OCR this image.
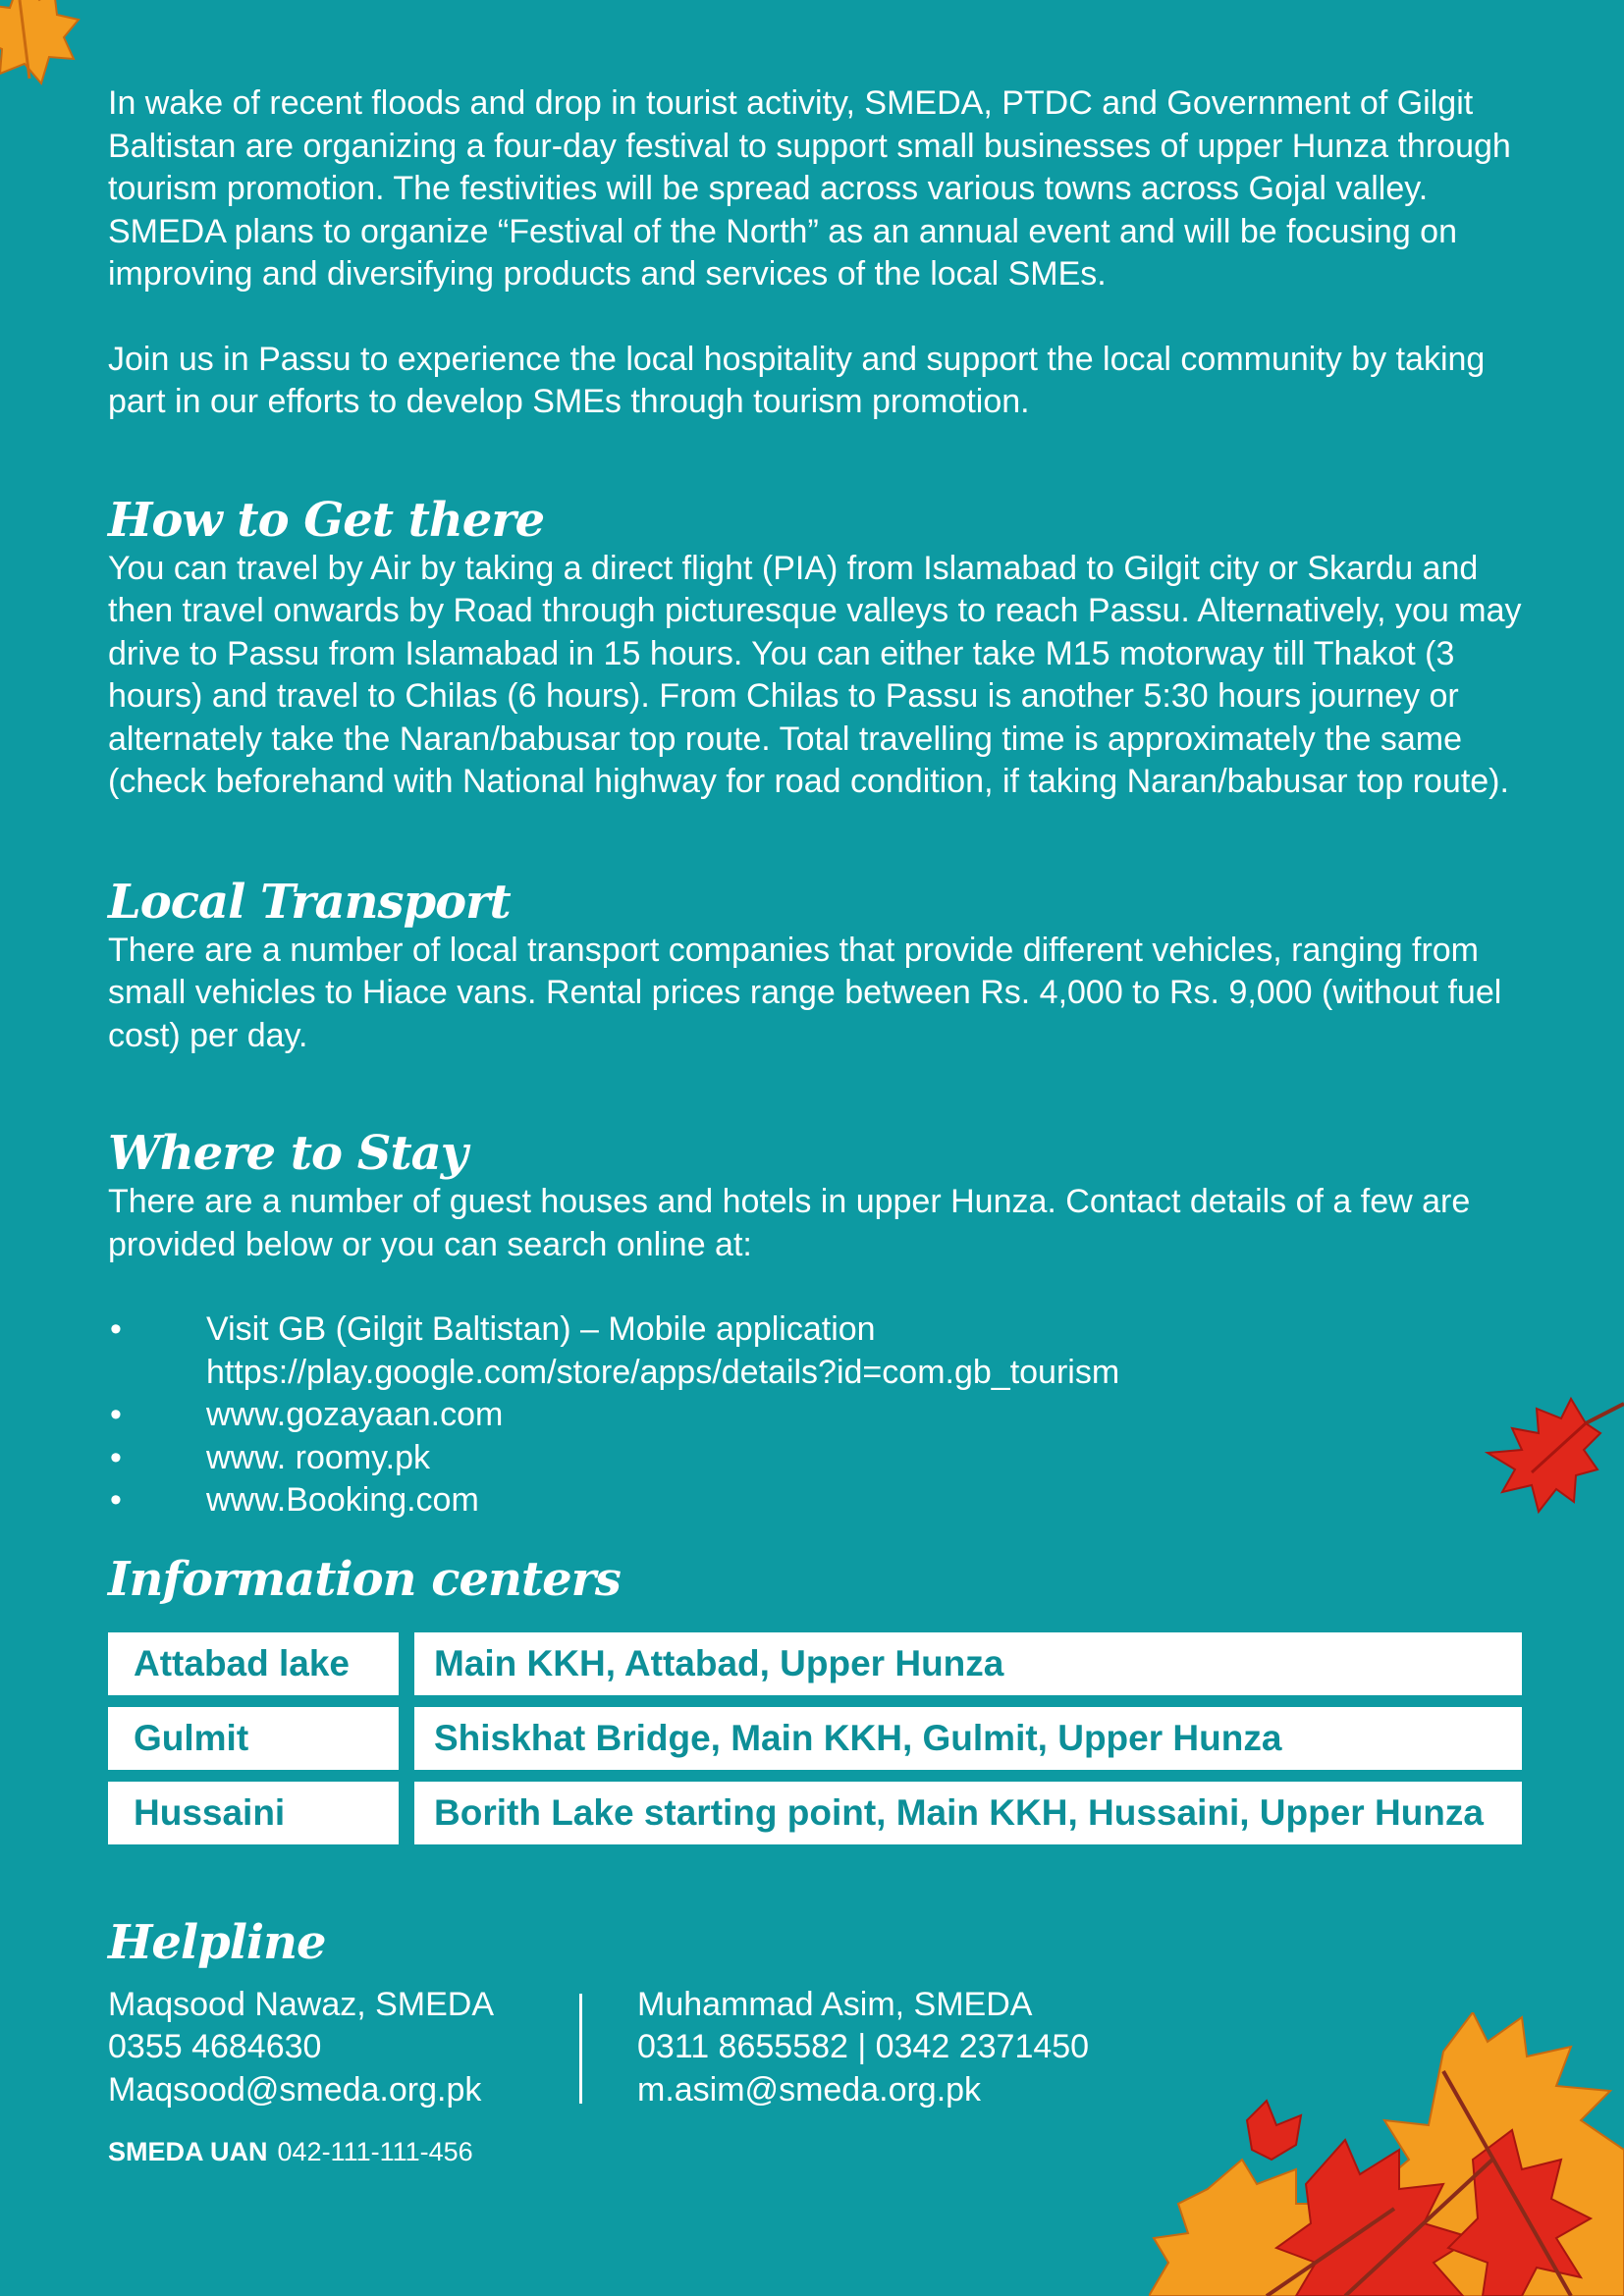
In wake of recent floods and drop in tourist activity, SMEDA, PTDC and Government of Gilgit Baltistan are organizing a four-day festival to support small businesses of upper Hunza through tourism promotion. The festivities will be spread across various towns across Gojal valley. SMEDA plans to organize “Festival of the North” as an annual event and will be focusing on improving and diversifying products and services of the local SMEs.

Join us in Passu to experience the local hospitality and support the local community by taking part in our efforts to develop SMEs through tourism promotion.

How to Get there

You can travel by Air by taking a direct flight (PIA) from Islamabad to Gilgit city or Skardu and then travel onwards by Road through picturesque valleys to reach Passu. Alternatively, you may drive to Passu from Islamabad in 15 hours. You can either take M15 motorway till Thakot (3 hours) and travel to Chilas (6 hours). From Chilas to Passu is another 5:30 hours journey or alternately take the Naran/babusar top route. Total travelling time is approximately the same (check beforehand with National highway for road condition, if taking Naran/babusar top route).

Local Transport

There are a number of local transport companies that provide different vehicles, ranging from small vehicles to Hiace vans. Rental prices range between Rs. 4,000 to Rs. 9,000 (without fuel cost) per day.

Where to Stay

There are a number of guest houses and hotels in upper Hunza. Contact details of a few are provided below or you can search online at:

•	Visit GB (Gilgit Baltistan) – Mobile application
https://play.google.com/store/apps/details?id=com.gb_tourism
•	www.gozayaan.com
•	www. roomy.pk
•	www.Booking.com
Information centers
Attabad lake	Main KKH, Attabad, Upper Hunza
Gulmit	Shiskhat Bridge, Main KKH, Gulmit, Upper Hunza
Hussaini	Borith Lake starting point, Main KKH, Hussaini, Upper Hunza
Helpline
Maqsood Nawaz, SMEDA
0355 4684630
Maqsood@smeda.org.pk
Muhammad Asim, SMEDA
0311 8655582 | 0342 2371450
m.asim@smeda.org.pk
SMEDA UAN 042-111-111-456
